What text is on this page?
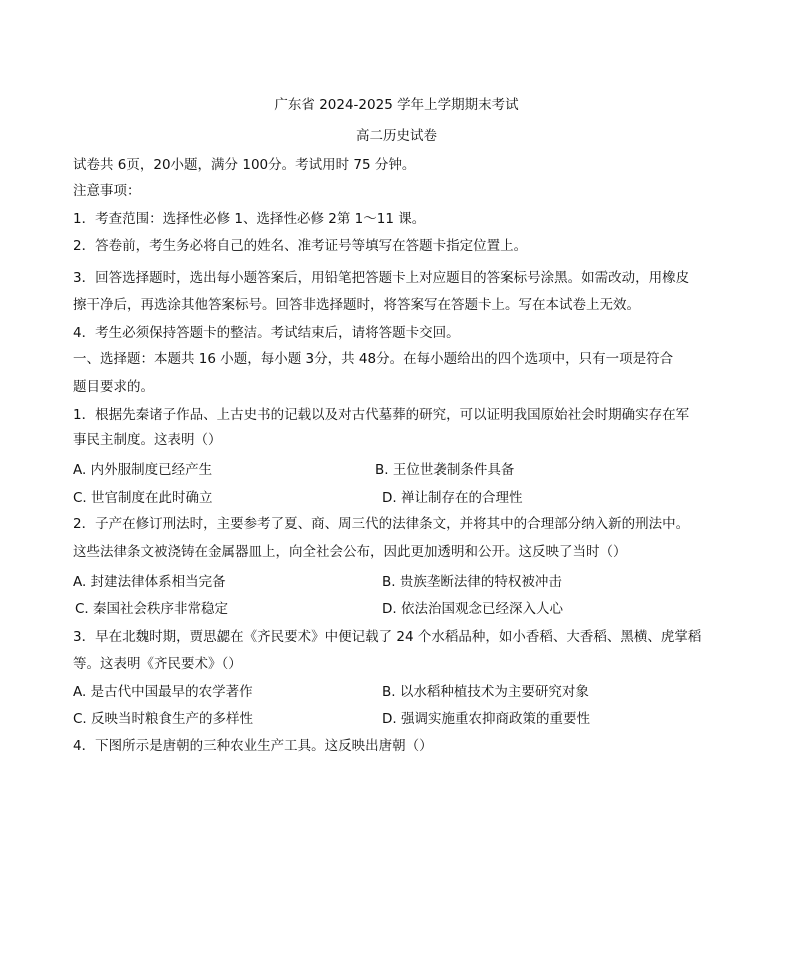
广东省 2024-2025 学年上学期期末考试
高二历史试卷
试卷共 6页，20小题，满分 100分。考试用时 75 分钟。
注意事项：
1．考查范围：选择性必修 1、选择性必修 2第 1～11 课。
2．答卷前，考生务必将自己的姓名、准考证号等填写在答题卡指定位置上。
3．回答选择题时，选出每小题答案后，用铅笔把答题卡上对应题目的答案标号涂黑。如需改动，用橡皮
擦干净后，再选涂其他答案标号。回答非选择题时，将答案写在答题卡上。写在本试卷上无效。
4．考生必须保持答题卡的整洁。考试结束后，请将答题卡交回。
一、选择题：本题共 16 小题，每小题 3分，共 48分。在每小题给出的四个选项中，只有一项是符合
题目要求的。
1．根据先秦诸子作品、上古史书的记载以及对古代墓葬的研究，可以证明我国原始社会时期确实存在军
事民主制度。这表明（）
A. 内外服制度已经产生	B. 王位世袭制条件具备
C. 世官制度在此时确立	D. 禅让制存在的合理性
2．子产在修订刑法时，主要参考了夏、商、周三代的法律条文，并将其中的合理部分纳入新的刑法中。
这些法律条文被浇铸在金属器皿上，向全社会公布，因此更加透明和公开。这反映了当时（）
A. 封建法律体系相当完备	B. 贵族垄断法律的特权被冲击
C. 秦国社会秩序非常稳定	D. 依法治国观念已经深入人心
3．早在北魏时期，贾思勰在《齐民要术》中便记载了 24 个水稻品种，如小香稻、大香稻、黑横、虎掌稻
等。这表明《齐民要术》（）
A. 是古代中国最早的农学著作	B. 以水稻种植技术为主要研究对象
C. 反映当时粮食生产的多样性	D. 强调实施重农抑商政策的重要性
4．下图所示是唐朝的三种农业生产工具。这反映出唐朝（）
